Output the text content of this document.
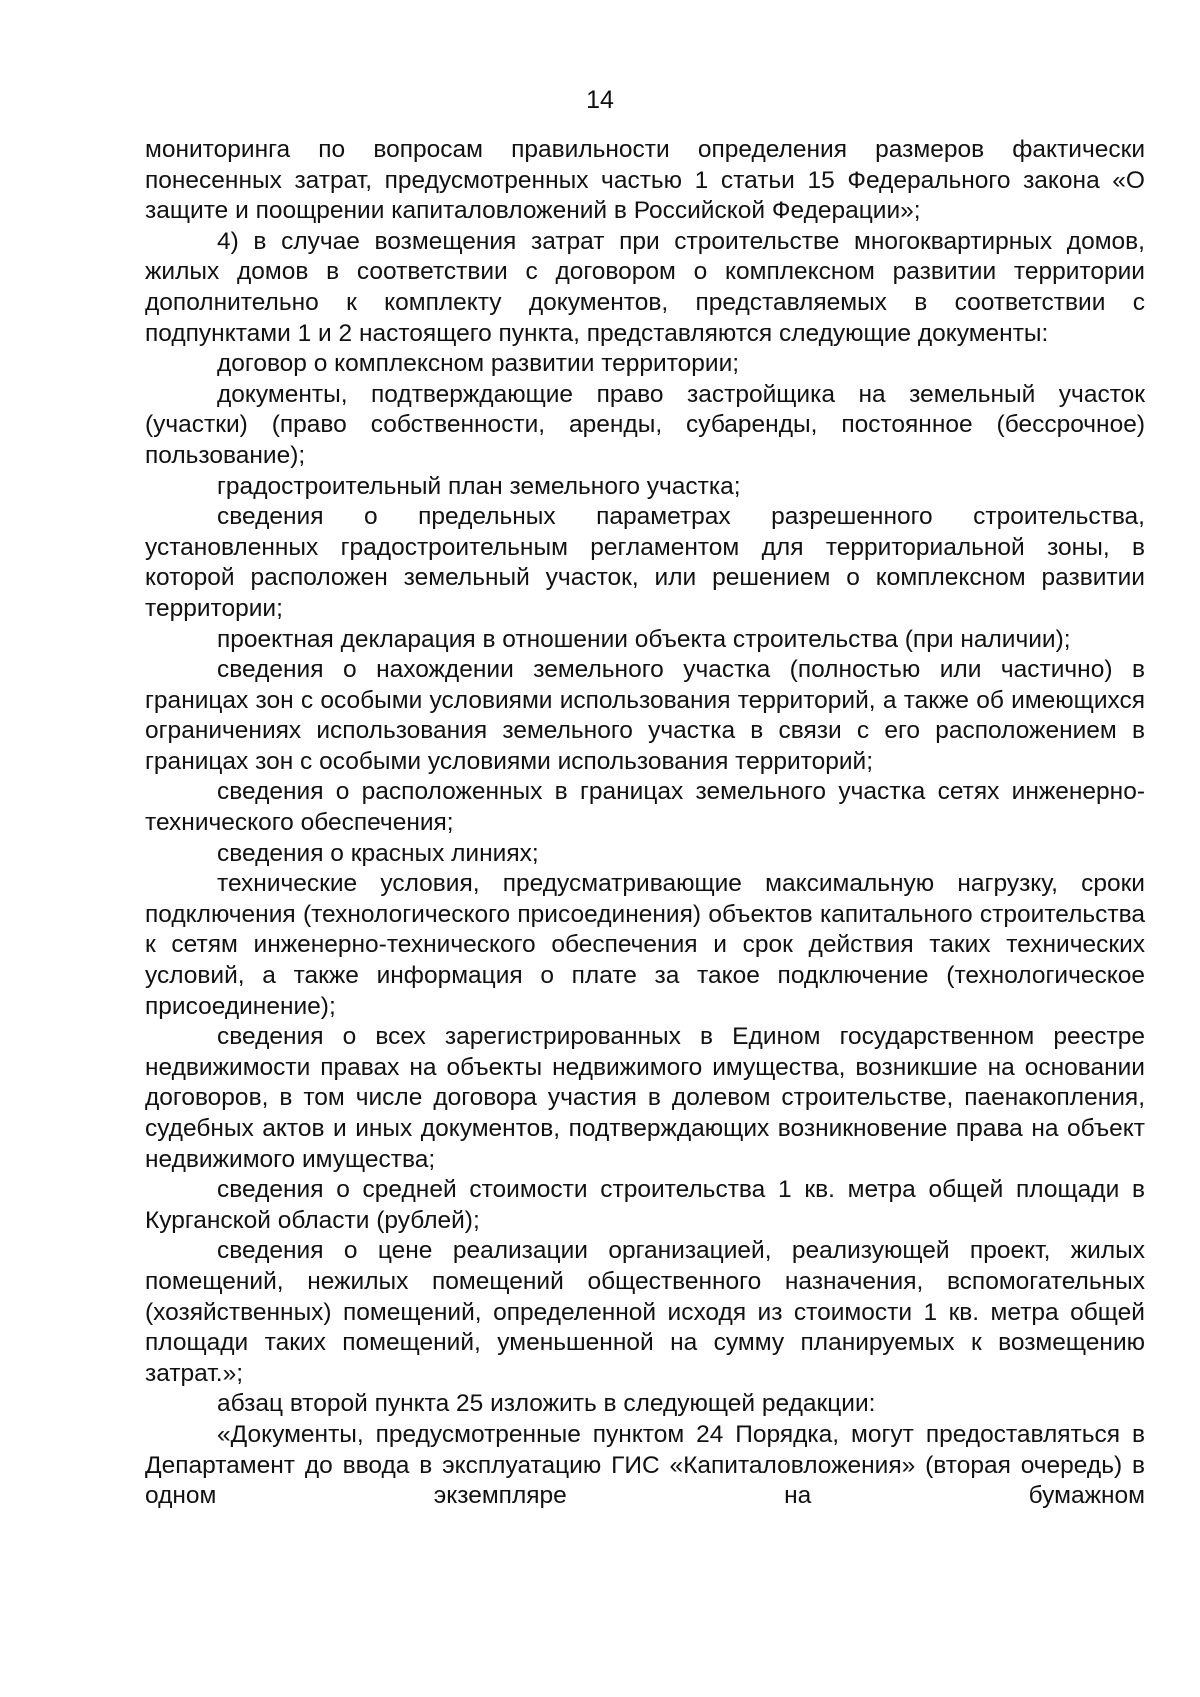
14

мониторинга по вопросам правильности определения размеров фактически понесенных затрат, предусмотренных частью 1 статьи 15 Федерального закона «О защите и поощрении капиталовложений в Российской Федерации»;

4) в случае возмещения затрат при строительстве многоквартирных домов, жилых домов в соответствии с договором о комплексном развитии территории дополнительно к комплекту документов, представляемых в соответствии с подпунктами 1 и 2 настоящего пункта, представляются следующие документы:

договор о комплексном развитии территории;

документы, подтверждающие право застройщика на земельный участок (участки) (право собственности, аренды, субаренды, постоянное (бессрочное) пользование);

градостроительный план земельного участка;

сведения о предельных параметрах разрешенного строительства, установленных градостроительным регламентом для территориальной зоны, в которой расположен земельный участок, или решением о комплексном развитии территории;

проектная декларация в отношении объекта строительства (при наличии);

сведения о нахождении земельного участка (полностью или частично) в границах зон с особыми условиями использования территорий, а также об имеющихся ограничениях использования земельного участка в связи с его расположением в границах зон с особыми условиями использования территорий;

сведения о расположенных в границах земельного участка сетях инженерно-технического обеспечения;

сведения о красных линиях;

технические условия, предусматривающие максимальную нагрузку, сроки подключения (технологического присоединения) объектов капитального строительства к сетям инженерно-технического обеспечения и срок действия таких технических условий, а также информация о плате за такое подключение (технологическое присоединение);

сведения о всех зарегистрированных в Едином государственном реестре недвижимости правах на объекты недвижимого имущества, возникшие на основании договоров, в том числе договора участия в долевом строительстве, паенакопления, судебных актов и иных документов, подтверждающих возникновение права на объект недвижимого имущества;

сведения о средней стоимости строительства 1 кв. метра общей площади в Курганской области (рублей);

сведения о цене реализации организацией, реализующей проект, жилых помещений, нежилых помещений общественного назначения, вспомогательных (хозяйственных) помещений, определенной исходя из стоимости 1 кв. метра общей площади таких помещений, уменьшенной на сумму планируемых к возмещению затрат.»;

абзац второй пункта 25 изложить в следующей редакции:

«Документы, предусмотренные пунктом 24 Порядка, могут предоставляться в Департамент до ввода в эксплуатацию ГИС «Капиталовложения» (вторая очередь) в одном экземпляре на бумажном
